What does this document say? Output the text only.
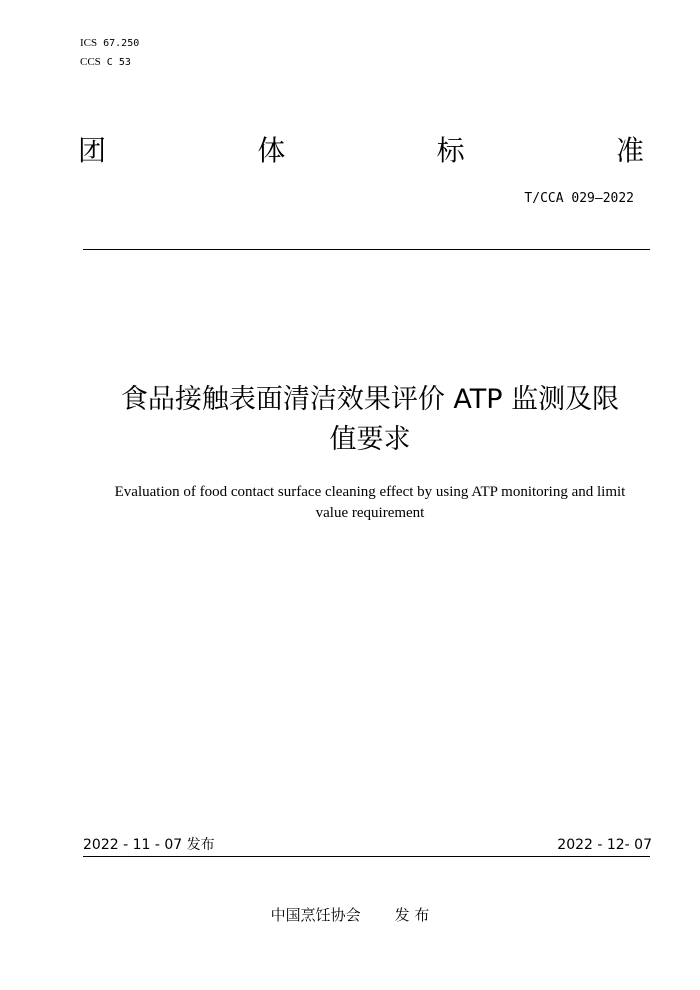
ICS 67.250
CCS C 53
团	体	标	准
T/CCA 029—2022
食品接触表面清洁效果评价 ATP 监测及限
值要求
Evaluation of food contact surface cleaning effect by using ATP monitoring and limit
value requirement
2022 - 11 - 07 发布	2022 - 12- 07
中国烹饪协会 发 布
